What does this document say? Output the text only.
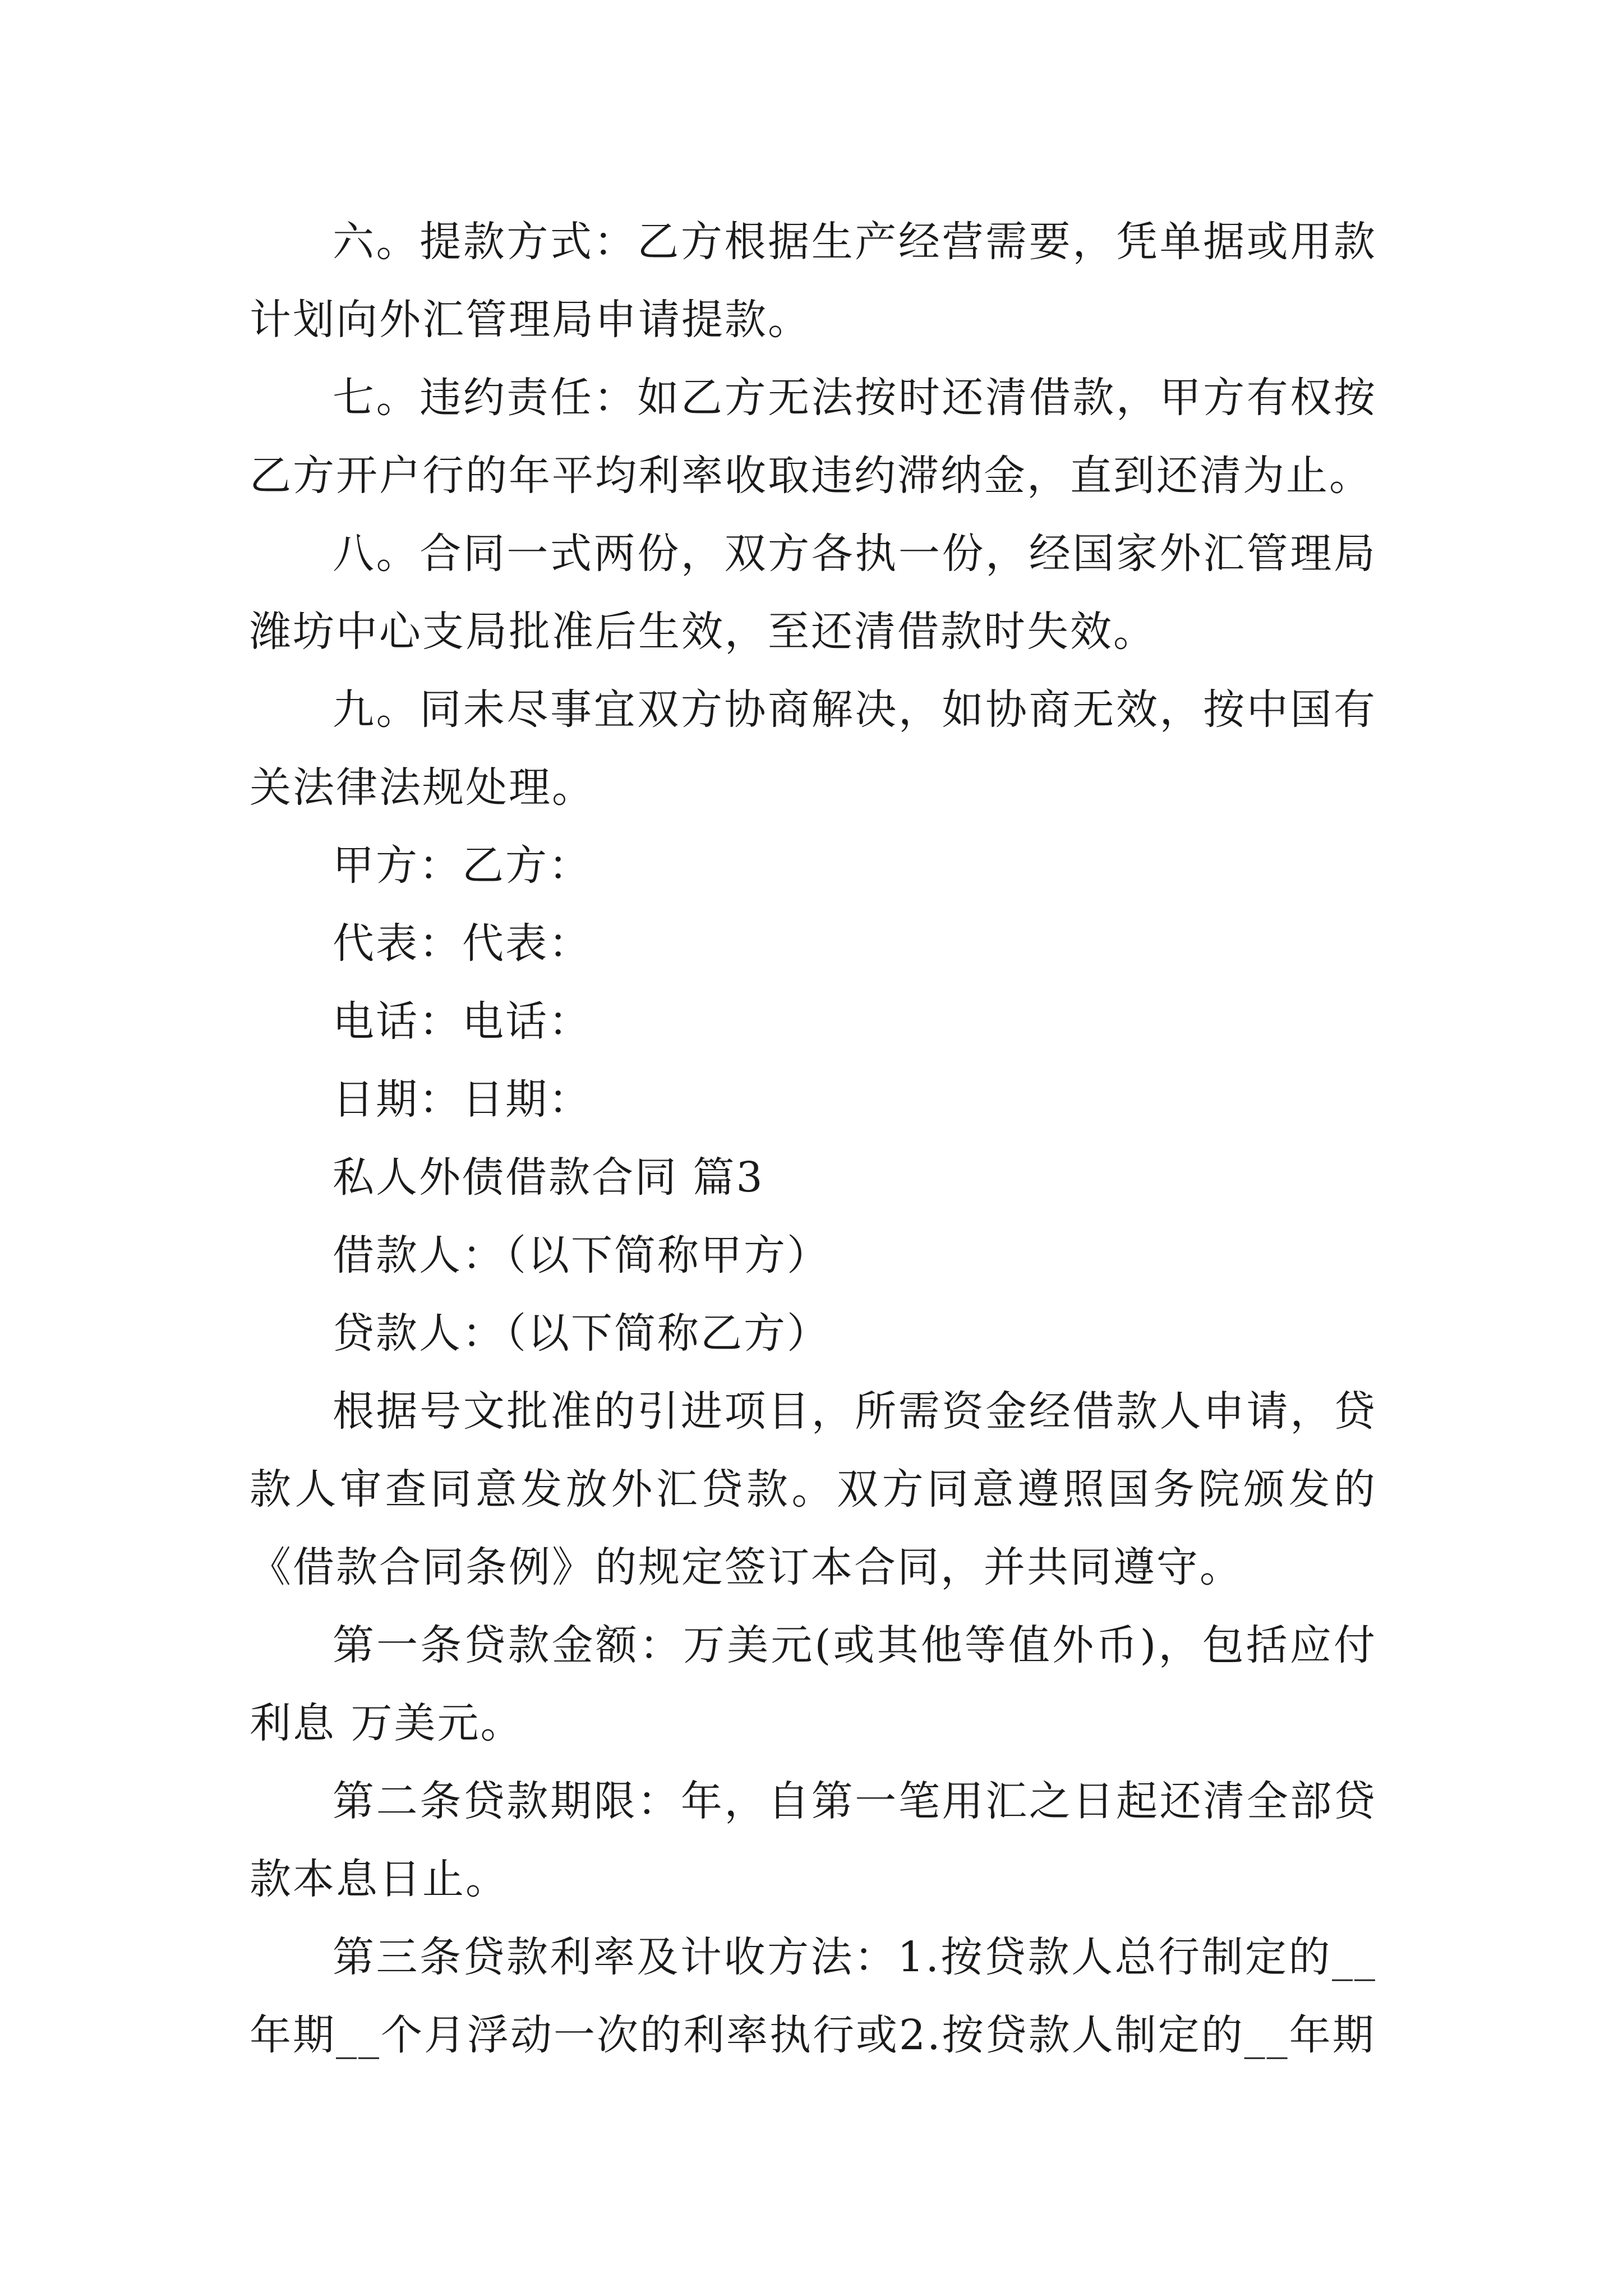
六。提款方式：乙方根据生产经营需要，凭单据或用款计划向外汇管理局申请提款。

七。违约责任：如乙方无法按时还清借款，甲方有权按乙方开户行的年平均利率收取违约滞纳金，直到还清为止。

八。合同一式两份，双方各执一份，经国家外汇管理局潍坊中心支局批准后生效，至还清借款时失效。

九。同未尽事宜双方协商解决，如协商无效，按中国有关法律法规处理。

甲方：乙方：

代表：代表：

电话：电话：

日期：日期：

私人外债借款合同 篇3

借款人：（以下简称甲方）

贷款人：（以下简称乙方）

根据号文批准的引进项目，所需资金经借款人申请，贷款人审查同意发放外汇贷款。双方同意遵照国务院颁发的《借款合同条例》的规定签订本合同，并共同遵守。

第一条贷款金额：万美元(或其他等值外币)，包括应付利息 万美元。

第二条贷款期限：年，自第一笔用汇之日起还清全部贷款本息日止。

第三条贷款利率及计收方法：1.按贷款人总行制定的__年期__个月浮动一次的利率执行或2.按贷款人制定的__年期
